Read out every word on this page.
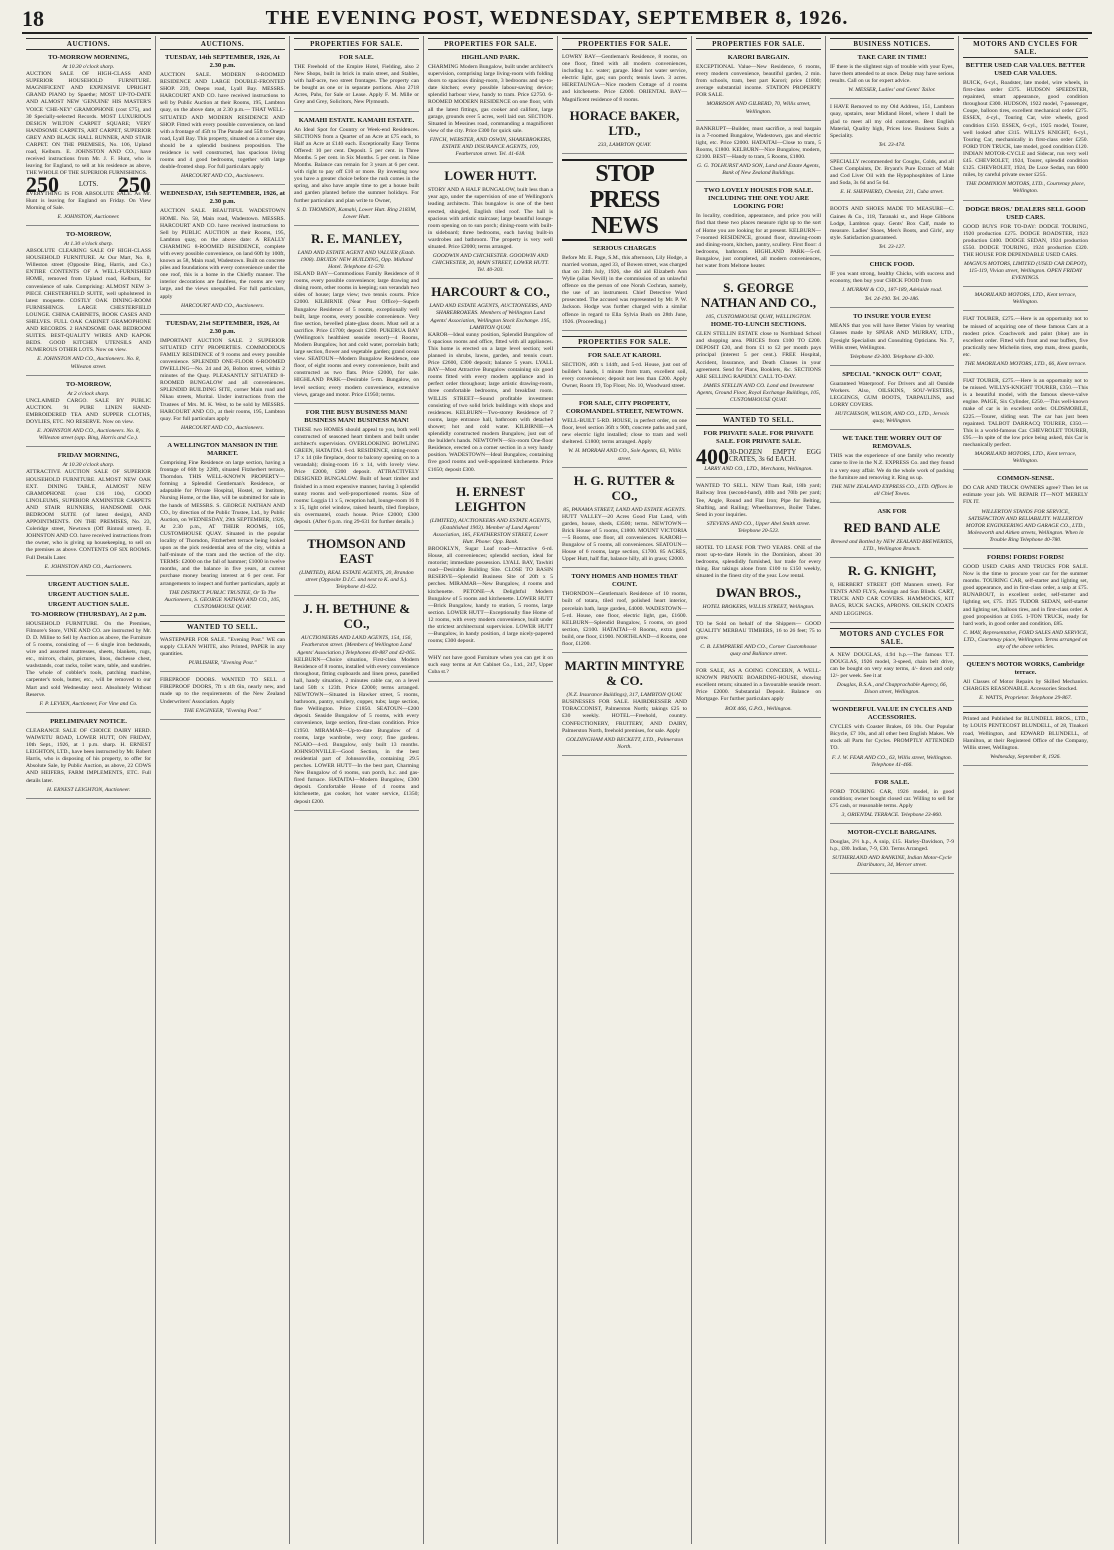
18	THE EVENING POST, WEDNESDAY, SEPTEMBER 8, 1926.
AUCTIONS.
TO-MORROW MORNING,
At 10.30 o'clock sharp.
AUCTION SALE OF HIGH-CLASS AND SUPERIOR HOUSEHOLD FURNITURE. MAGNIFICENT AND EXPENSIVE UPRIGHT GRAND PIANO by Spaethe; MOST UP-TO-DATE AND ALMOST NEW 'GENUINE' HIS MASTER'S VOICE 'CHE-NEY' GRAMOPHONE (cost £75), and 30 Specially-selected Records. MOST LUXURIOUS DESIGN WILTON CARPET SQUARE; VERY HANDSOME CARPETS, ART CARPET, SUPERIOR GREY AND BLACK HALL RUNNER, AND STAIR CARPET. ON THE PREMISES, No. 106, Upland road, Kelburn. E. JOHNSTON AND CO., have received instructions from Mr. J. F. Hunt, who is leaving for England, to sell at his residence as above, THE WHOLE OF THE SUPERIOR FURNISHINGS.
250	LOTS. 250
EVERYTHING IS FOR ABSOLUTE SALE. As Mr. Hunt is leaving for England on Friday. On View Morning of Sale.
E. JOHNSTON, Auctioneer.
TO-MORROW,
At 1.30 o'clock sharp.
ABSOLUTE CLEARING SALE OF HIGH-CLASS HOUSEHOLD FURNITURE. At Our Mart, No. 8, Willeston street (Opposite Bing, Harris, and Co.) ENTIRE CONTENTS OF A WELL-FURNISHED HOME, removed from Upland road, Kelburn, for convenience of sale. Comprising: ALMOST NEW 3-PIECE CHESTERFIELD SUITE, well upholstered in latest moquette. COSTLY OAK DINING-ROOM FURNISHINGS. LARGE CHESTERFIELD LOUNGE. CHINA CABINETS, BOOK CASES AND SHELVES. FULL OAK CABINET GRAMOPHONE AND RECORDS. 2 HANDSOME OAK BEDROOM SUITES. BEST-QUALITY WIRES AND KAPOK BEDS. GOOD KITCHEN UTENSILS AND NUMEROUS OTHER LOTS. Now on view.
E. JOHNSTON AND CO., Auctioneers. No. 8, Willeston street.
TO-MORROW,
At 2 o'clock sharp.
UNCLAIMED CARGO. SALE BY PUBLIC AUCTION. 91 PURE LINEN HAND-EMBROIDERED TEA AND SUPPER CLOTHS, DOYLIES, ETC. NO RESERVE. Now on view.
E. JOHNSTON AND CO., Auctioneers. No. 8, Willeston street (opp. Bing, Harris and Co.).
FRIDAY MORNING,
At 10.30 o'clock sharp.
ATTRACTIVE AUCTION SALE OF SUPERIOR HOUSEHOLD FURNITURE. ALMOST NEW OAK EXT. DINING TABLE, ALMOST NEW GRAMOPHONE (cost £16 10s), GOOD LINOLEUMS, SUPERIOR AXMINSTER CARPETS AND STAIR RUNNERS, HANDSOME OAK BEDROOM SUITE (of latest design), AND APPOINTMENTS. ON THE PREMISES, No. 23, Coleridge street, Newtown (Off Rintoul street). E. JOHNSTON AND CO. have received instructions from the owner, who is giving up housekeeping, to sell on the premises as above. CONTENTS OF SIX ROOMS. Full Details Later.
E. JOHNSTON AND CO., Auctioneers.
URGENT AUCTION SALE.
URGENT AUCTION SALE.
URGENT AUCTION SALE.
TO-MORROW (THURSDAY), At 2 p.m.
HOUSEHOLD FURNITURE. On the Premises, Filmore's Store, VINE AND CO. are instructed by Mr. D. D. Miline to Sell by Auction as above, the Furniture of 5 rooms, consisting of — 6 single iron bedsteads, wire and assorted mattresses, sheets, blankets, rugs, etc., mirrors, chairs, pictures, linos, duchesse chest, washstands, coat racks, toilet ware, table, and sundries. The whole of cobbler's tools, patching machine, carpenter's tools, butter, etc., will be removed to our Mart and sold Wednesday next. Absolutely Without Reserve.
F. P. LEVIEN, Auctioneer, For Vine and Co.
PRELIMINARY NOTICE.
CLEARANCE SALE OF CHOICE DAIRY HERD. WAIWETU ROAD, LOWER HUTT, ON FRIDAY, 10th Sept., 1926, at 1 p.m. sharp. H. ERNEST LEIGHTON, LTD., have been instructed by Mr. Robert Harris, who is disposing of his property, to offer for Absolute Sale, by Public Auction, as above, 22 COWS AND HEIFERS, FARM IMPLEMENTS, ETC. Full details later.
H. ERNEST LEIGHTON, Auctioneer.
AUCTIONS.
TUESDAY, 14th SEPTEMBER, 1926, At 2.30 p.m.
AUCTION SALE. MODERN 8-ROOMED RESIDENCE AND LARGE DOUBLE-FRONTED SHOP. 239, Onepu road, Lyall Bay. MESSRS. HARCOURT AND CO. have received instructions to sell by Public Auction at their Rooms, 195, Lambton quay, on the above date, at 2.30 p.m.— THAT WELL-SITUATED AND MODERN RESIDENCE AND SHOP. Fitted with every possible convenience, on land with a frontage of 45ft to The Parade and 55ft to Onepu road, Lyall Bay. This property, situated on a corner site, should be a splendid business proposition. The residence is well constructed, has spacious living rooms and 4 good bedrooms, together with large double-fronted shop. For full particulars apply
HARCOURT AND CO., Auctioneers.
WEDNESDAY, 15th SEPTEMBER, 1926, at 2.30 p.m.
AUCTION SALE. BEAUTIFUL WADESTOWN HOME. No. 58, Main road, Wadestown. MESSRS. HARCOURT AND CO. have received instructions to Sell by PUBLIC AUCTION at their Rooms, 195, Lambton quay, on the above date: A REALLY CHARMING 8-ROOMED RESIDENCE, complete with every possible convenience, on land 60ft by 100ft, known as 58, Main road, Wadestown. Built on concrete piles and foundations with every convenience under the one roof, this is a home in the Chiefly manner. The interior decorations are faultless, the rooms are very large, and the views unequalled. For full particulars, apply
HARCOURT AND CO., Auctioneers.
TUESDAY, 21st SEPTEMBER, 1926, At 2.30 p.m.
IMPORTANT AUCTION SALE. 2 SUPERIOR SITUATED CITY PROPERTIES. COMMODIOUS FAMILY RESIDENCE of 9 rooms and every possible convenience. SPLENDID ONE-FLOOR 6-ROOMED DWELLING—No. 24 and 26, Bolton street, within 2 minutes of the Quay. PLEASANTLY SITUATED 8-ROOMED BUNGALOW and all conveniences. SPLENDID BUILDING SITE, corner Main road and Nikau streets, Muritai. Under instructions from the Trustees of Mrs. M. K. West, to be sold by MESSRS. HARCOURT AND CO., at their rooms, 195, Lambton quay. For full particulars apply
HARCOURT AND CO., Auctioneers.
A WELLINGTON MANSION IN THE MARKET.
Comprising Fine Residence on large section, having a frontage of 66ft by 228ft, situated Fitzherbert terrace, Thorndon. THIS WELL-KNOWN PROPERTY—forming a Splendid Gentleman's Residence, or adaptable for Private Hospital, Hostel, or Institute, Nursing Home, or the like, will be submitted for sale in the hands of MESSRS. S. GEORGE NATHAN AND CO., by direction of the Public Trustee, Ltd., by Public Auction, on WEDNESDAY, 29th SEPTEMBER, 1926, At 2.30 p.m., AT THEIR ROOMS, 105, CUSTOMHOUSE QUAY. Situated in the popular locality of Thorndon, Fitzherbert terrace being looked upon as the pick residential area of the city, within a half-minute of the tram and the section of the city. TERMS: £2000 on the fall of hammer; £1000 in twelve months, and the balance in five years, at current purchase money bearing interest at 6 per cent. For arrangements to inspect and further particulars, apply at
THE DISTRICT PUBLIC TRUSTEE, Or To The Auctioneers, S. GEORGE NATHAN AND CO., 105, CUSTOMHOUSE QUAY.
WANTED TO SELL.
WASTEPAPER FOR SALE. "Evening Post." WE can supply CLEAN WHITE, also Printed, PAPER in any quantities.
PUBLISHER, "Evening Post."
FIREPROOF DOORS. WANTED TO SELL 4 FIREPROOF DOORS, 7ft x 4ft 6in, nearly new, and made up to the requirements of the New Zealand Underwriters' Association. Apply
THE ENGINEER, "Evening Post."
PROPERTIES FOR SALE.
FOR SALE.
THE Freehold of the Empire Hotel, Fielding, also 2 New Shops, built in brick in main street, and Stables, with half-acre, two street frontages. The property can be bought as one or in separate portions. Also 2718 Acres, Pahs, for Sale or Lease. Apply F. M. Mille or Grey and Grey, Solicitors, New Plymouth.
KAMAHI ESTATE. KAMAHI ESTATE.
An Ideal Spot for Country or Week-end Residences. SECTIONS from a Quarter of an Acre at £75 each, to Half an Acre at £140 each. Exceptionally Easy Terms Offered: 10 per cent. Deposit. 5 per cent. in Three Months. 5 per cent. in Six Months. 5 per cent. in Nine Months. Balance can remain for 3 years at 6 per cent. with right to pay off £10 or more. By investing now you have a greater choice before the rush comes in the spring, and also have ample time to get a house built and garden planted before the summer holidays. For further particulars and plan write to Owner,
S. D. THOMSON, Kamahi, Lower Hutt. Ring 2183M, Lower Hutt.
R. E. MANLEY,
LAND AND ESTATE AGENT AND VALUER (Estab. 1908). DRUIDS' NEW BUILDING, Opp. Midland Hotel. Telephone 41-570.
ISLAND BAY—Commodious Family Residence of 8 rooms, every possible convenience; large drawing and dining room, other rooms in keeping; sun verandah two sides of house; large view; two tennis courts. Price £2000. KILBIRNIE (Near Post Office)—Superb Bungalow Residence of 5 rooms, exceptionally well built, large rooms, every possible convenience. Very fine section, bevelled plate-glass doors. Must sell at a sacrifice. Price £1700; deposit £200. PUKERUA BAY (Wellington's healthiest seaside resort)—4 Rooms, Modern Bungalow, hot and cold water, porcelain bath; large section, flower and vegetable garden; grand ocean view. SEATOUN—Modern Bungalow Residence, one floor, of eight rooms and every convenience, built and constructed as two flats. Price £2000, for sale. HIGHLAND PARK—Desirable 5-rm. Bungalow, on level section; every modern convenience, extensive views, garage and motor. Price £1950; terms.
FOR THE BUSY BUSINESS MAN! BUSINESS MAN! BUSINESS MAN!
THESE two HOMES should appeal to you, both well constructed of seasoned heart timbers and built under architect's supervision. OVERLOOKING BOWLING GREEN, HATAITAI. 6-rd. RESIDENCE, sitting-room 17 x 14 (tile fireplace, door to balcony opening on to a verandah); dining-room 16 x 14, with lovely view. Price £2000, £200 deposit. ATTRACTIVELY DESIGNED BUNGALOW. Built of heart timber and finished in a most expensive manner, having 3 splendid sunny rooms and well-proportioned rooms. Size of rooms: Loggia 11 x 5, reception hall, lounge-room 16 ft x 15, light oriel window, raised hearth, tiled fireplace, six overmantel, coach house. Price £2000; £300 deposit. (After 6 p.m. ring 29-631 for further details.)
THOMSON AND EAST
(LIMITED), REAL ESTATE AGENTS, 20, Brandon street (Opposite D.I.C. and next to K. and S.). Telephone 41-622.
J. H. BETHUNE & CO.,
AUCTIONEERS AND LAND AGENTS, 154, 156, Featherston street. (Members of Wellington Land Agents' Association.) Telephones 40-887 and 42-065.
KELBURN—Choice situation, First-class Modern Residence of 8 rooms, installed with every convenience throughout, fitting cupboards and linen press, panelled hall, handy situation, 2 minutes cable car, on a level land 50ft x 123ft. Price £2000; terms arranged. NEWTOWN—Situated in Hawker street, 5 rooms, bathroom, pantry, scullery, copper, tubs; large section, fine Wellington. Price £1850. SEATOUN—£200 deposit. Seaside Bungalow of 5 rooms, with every convenience, large section, first-class condition. Price £1950. MIRAMAR—Up-to-date Bungalow of 4 rooms, large wardrobe, very cosy; fine gardens. NGAIO—4-rd. Bungalow, only built 13 months. JOHNSONVILLE—Good Section, in the best residential part of Johnsonville, containing 29.5 perches. LOWER HUTT—In the best part, Charming New Bungalow of 6 rooms, sun porch, h.c. and gas-fired furnace. HATAITAI—Modern Bungalow, £300 deposit. Comfortable House of 4 rooms and kitchenette, gas cooker, hot water service, £1350; deposit £200.
PROPERTIES FOR SALE.
HIGHLAND PARK.
CHARMING Modern Bungalow, built under architect's supervision, comprising large living-room with folding doors to spacious dining-room, 3 bedrooms and up-to-date kitchen; every possible labour-saving device; splendid harbour view, handy to tram. Price £2750. 6-ROOMED MODERN RESIDENCE on one floor, with all the latest fittings, gas cooker and califont, large garage, grounds over 5 acres, well laid out. SECTION. Situated in Messines road, commanding a magnificent view of the city. Price £300 for quick sale.
FINCH, WEBSTER, AND OSWIN, SHAREBROKERS, ESTATE AND INSURANCE AGENTS, 109, Featherston street. Tel. 41-618.
LOWER HUTT.
STORY AND A HALF BUNGALOW, built less than a year ago, under the supervision of one of Wellington's leading architects. This bungalow is one of the best erected, shingled, English tiled roof. The hall is spacious with artistic staircase; large beautiful lounge-room opening on to sun porch; dining-room with built-in sideboard; three bedrooms, each having built-in wardrobes and bathroom. The property is very well situated. Price £2000; terms arranged.
GOODWIN AND CHICHESTER. GOODWIN AND CHICHESTER, 20, MAIN STREET, LOWER HUTT. Tel. 40-303.
HARCOURT & CO.,
LAND AND ESTATE AGENTS, AUCTIONEERS, AND SHAREBROKERS. Members of Wellington Land Agents' Association, Wellington Stock Exchange. 195, LAMBTON QUAY.
KAROR—Ideal sunny position, Splendid Bungalow of 6 spacious rooms and office, fitted with all appliances. This home is erected on a large level section; well planned in shrubs, lawns, garden, and tennis court. Price £2600, £300 deposit; balance 5 years. LYALL BAY—Most Attractive Bungalow containing six good rooms fitted with every modern appliance and in perfect order throughout; large artistic drawing-room, three comfortable bedrooms, and breakfast room. WILLIS STREET—Sound profitable investment consisting of two solid brick buildings with shops and residences. KELBURN—Two-storey Residence of 7 rooms, large entrance hall, bathroom with detached shower; hot and cold water. KILBIRNIE—A splendidly constructed modern Bungalow, just out of the builder's hands. NEWTOWN—Six-room One-floor Residence, erected on a corner section in a very handy position. WADESTOWN—Ideal Bungalow, containing five good rooms and well-appointed kitchenette. Price £1650; deposit £300.
H. ERNEST LEIGHTON
(LIMITED), AUCTIONEERS AND ESTATE AGENTS, (Established 1903). Member of Land Agents' Association, 185, FEATHERSTON STREET, Lower Hutt. Phone: Opp. Bank.
BROOKLYN, Sugar Loaf road—Attractive 6-rd. House, all conveniences; splendid section, ideal for motorist; immediate possession. LYALL BAY, Tawhiti road—Desirable Building Site. CLOSE TO BASIN RESERVE—Splendid Business Site of 20ft x 5 perches. MIRAMAR—New Bungalow, 4 rooms and kitchenette. PETONE—A Delightful Modern Bungalow of 5 rooms and kitchenette. LOWER HUTT—Brick Bungalow, handy to station, 5 rooms, large section. LOWER HUTT—Exceptionally fine Home of 12 rooms, with every modern convenience, built under the strictest architectural supervision. LOWER HUTT—Bungalow, in handy position, 4 large nicely-papered rooms; £300 deposit.
WHY not have good Furniture when you can get it on such easy terms at Art Cabinet Co., Ltd., 247, Upper Cuba st.?
PROPERTIES FOR SALE.
LOWRY BAY—Gentleman's Residence, 8 rooms, on one floor, fitted with all modern conveniences, including h.c. water; garage. Ideal hot water service, electric light, gas; sun porch; tennis lawn. 3 acres. HERETAUNGA—Nice modern Cottage of 4 rooms and kitchenette. Price £2000. ORIENTAL BAY—Magnificent residence of 8 rooms.
HORACE BAKER, LTD.,
233, LAMBTON QUAY.
STOP PRESS NEWS
SERIOUS CHARGES
Before Mr. E. Page, S.M., this afternoon, Lily Hodge, a married woman, aged 33, of Bowen street, was charged that on 24th July, 1926, she did aid Elizabeth Ann Wylie (alias Nevill) in the commission of an unlawful offence on the person of one Norah Cochran, namely, the use of an instrument. Chief Detective Ward prosecuted. The accused was represented by Mr. P. W. Jackson. Hodge was further charged with a similar offence in regard to Ella Sylvia Bush on 28th June, 1926. (Proceeding.)
PROPERTIES FOR SALE.
FOR SALE AT KARORI.
SECTION, 46ft x 144ft, and 5-rd. House, just out of builder's hands, 1 minute from tram, excellent soil, every convenience; deposit not less than £200. Apply Owner, Room 19, Top Floor, No. 10, Woodward street.
FOR SALE, CITY PROPERTY, COROMANDEL STREET, NEWTOWN.
WELL-BUILT 5-RD. HOUSE, in perfect order, on one floor, level section 36ft x 90ft, concrete paths and yard, new electric light installed; close to tram and well sheltered. £1800; terms arranged. Apply
W. H. MORRAH AND CO., Sole Agents, 63, Willis street.
H. G. RUTTER & CO.,
85, PANAMA STREET, LAND AND ESTATE AGENTS.
HUTT VALLEY—20 Acres Good Flat Land, with garden, house, sheds, £3500; terms. NEWTOWN—Brick House of 5 rooms, £1800. MOUNT VICTORIA—5 Rooms, one floor, all conveniences. KARORI—Bungalow of 5 rooms, all conveniences. SEATOUN—House of 6 rooms, large section, £1700. 85 ACRES, Upper Hutt, half flat, balance hilly, all in grass; £2000.
TONY HOMES AND HOMES THAT COUNT.
THORNDON—Gentleman's Residence of 10 rooms, built of totara, tiled roof, polished heart interior, porcelain bath, large garden, £4000. WADESTOWN—5-rd. House, one floor, electric light, gas, £1600. KELBURN—Splendid Bungalow, 5 rooms, on good section, £2100. HATAITAI—8 Rooms, extra good build, one floor, £1900. NORTHLAND—4 Rooms, one floor, £1200.
MARTIN MINTYRE & CO.
(N.Z. Insurance Buildings), 317, LAMBTON QUAY.
BUSINESSES FOR SALE. HAIRDRESSER AND TOBACCONIST, Palmerston North; takings £25 to £30 weekly. HOTEL—Freehold, country. CONFECTIONERY, FRUITERY, AND DAIRY, Palmerston North, freehold premises, for sale. Apply
GOLDINGHAM AND BECKETT, LTD., Palmerston North.
PROPERTIES FOR SALE.
KARORI BARGAIN.
EXCEPTIONAL Value—New Residence, 6 rooms, every modern convenience, beautiful garden, 2 min. from schools, tram, best part Karori; price £1800; average substantial income. STATION PROPERTY FOR SALE.
MORRISON AND GILBERD, 70, Willis street, Wellington.
BANKRUPT—Builder, must sacrifice, a real bargain in a 7-roomed Bungalow, Wadestown, gas and electric light, etc. Price £2000. HATAITAI—Close to tram, 5 Rooms, £1800. KELBURN—Nice Bungalow, modern, £2100. BEST—Handy to tram, 5 Rooms, £1800.
G. G. TOLHURST AND SON, Land and Estate Agents, Bank of New Zealand Buildings.
TWO LOVELY HOUSES FOR SALE. INCLUDING THE ONE YOU ARE LOOKING FOR!
In locality, condition, appearance, and price you will find that these two places measure right up to the sort of Home you are looking for at present. KELBURN—7-roomed RESIDENCE, ground floor, drawing-room and dining-room, kitchen, pantry, scullery. First floor: 4 bedrooms, bathroom. HIGHLAND PARK—5-rd. Bungalow, just completed, all modern conveniences, hot water from Meltone heater.
S. GEORGE NATHAN AND CO.,
105, CUSTOMHOUSE QUAY, WELLINGTON.
HOME-TO-LUNCH SECTIONS.
GLEN STELLIN ESTATE close to Northland School and shopping area. PRICES from £100 TO £200. DEPOSIT £20, and from £1 to £2 per month pays principal (interest 5 per cent.). FREE Hospital, Accident, Insurance, and Death Clauses in your agreement. Send for Plans, Booklets, &c. SECTIONS ARE SELLING RAPIDLY. CALL TO-DAY.
JAMES STELLIN AND CO. Land and Investment Agents, Ground Floor, Royal Exchange Buildings, 105, CUSTOMHOUSE QUAY.
WANTED TO SELL.
FOR PRIVATE SALE. FOR PRIVATE SALE. FOR PRIVATE SALE.
400 30-DOZEN EMPTY EGG CRATES, 3s 6d EACH.
LARRY AND CO., LTD., Merchants, Wellington.
WANTED TO SELL. NEW Tram Rail, 18lb yard; Railway Iron (second-hand), 40lb and 70lb per yard; Tee, Angle, Round and Flat Iron; Pipe for Belting, Shafting, and Railing; Wheelbarrows, Boiler Tubes. Send in your inquiries.
STEVENS AND CO., Upper Abel Smith street. Telephone 20-523.
HOTEL TO LEASE FOR TWO YEARS. ONE of the most up-to-date Hotels in the Dominion, about 30 bedrooms, splendidly furnished, bar trade for every thing. Bar takings alone from £100 to £150 weekly, situated in the finest city of the year. Low rental.
DWAN BROS.,
HOTEL BROKERS, WILLIS STREET, Wellington.
TO be Sold on behalf of the Shippers— GOOD QUALITY MERBAU TIMBERS, 16 to 26 feet; 75 to grow.
C. B. LEMPRIERE AND CO., Corner Customhouse quay and Ballance street.
FOR SALE, AS A GOING CONCERN, A WELL-KNOWN PRIVATE BOARDING-HOUSE, showing excellent return; situated in a favourable seaside resort. Price £2000. Substantial Deposit. Balance on Mortgage. For further particulars apply
BOX 466, G.P.O., Wellington.
BUSINESS NOTICES.
TAKE CARE IN TIME!
IF there is the slightest sign of trouble with your Eyes, have them attended to at once. Delay may have serious results. Call on us for expert advice.
W. MESSER, Ladies' and Gents' Tailor.
I HAVE Removed to my Old Address, 151, Lambton quay, upstairs, near Midland Hotel, where I shall be glad to meet all my old customers. Best English Material, Quality high, Prices low. Business Suits a Speciality.
Tel. 23-474.
SPECIALLY recommended for Coughs, Colds, and all Chest Complaints, Dr. Bryant's Pure Extract of Malt and Cod Liver Oil with the Hypophosphites of Lime and Soda, 3s 6d and 5s 6d.
E. H. SHEPHERD, Chemist, 211, Cuba street.
BOOTS AND SHOES MADE TO MEASURE—C. Gaines & Co., 118, Taranaki st., and Hope Gibbons Lodge, Lambton quay. Gents' Box Calf, made to measure. Ladies' Shoes, Men's Boots, and Girls', any style. Satisfaction guaranteed.
Tel. 23-127.
CHICK FOOD.
IF you want strong, healthy Chicks, with success and economy, then buy your CHICK FOOD from
J. MURRAY & CO., 187-189, Adelaide road.
Tel. 24-190. Tel. 20-186.
TO INSURE YOUR EYES!
MEANS that you will have Better Vision by wearing Glasses made by SPEAR AND MURRAY, LTD., Eyesight Specialists and Consulting Opticians. No. 7, Willis street, Wellington.
Telephone 43-300. Telephone 43-300.
SPECIAL "KNOCK OUT" COAT,
Guaranteed Waterproof. For Drivers and all Outside Workers. Also, OILSKINS, SOU'-WESTERS, LEGGINGS, GUM BOOTS, TARPAULINS, and LORRY COVERS.
HUTCHESON, WILSON, AND CO., LTD., Jervois quay, Wellington.
WE TAKE THE WORRY OUT OF REMOVALS.
THIS was the experience of one family who recently came to live in the N.Z. EXPRESS Co. and they found it a very easy affair. We do the whole work of packing the furniture and removing it. Ring us up.
THE NEW ZEALAND EXPRESS CO., LTD. Offices in all Chief Towns.
ASK FOR
RED BAND ALE
Brewed and Bottled by NEW ZEALAND BREWERIES, LTD., Wellington Branch.
R. G. KNIGHT,
8, HERBERT STREET (Off Manners street). For TENTS AND FLYS, Awnings and Sun Blinds. CART, TRUCK AND CAR COVERS. HAMMOCKS, KIT BAGS, RUCK SACKS, APRONS. OILSKIN COATS AND LEGGINGS.
MOTORS AND CYCLES FOR SALE.
A NEW DOUGLAS, 4.94 h.p.—The famous T.T. DOUGLAS, 1926 model, 3-speed, chain belt drive, can be bought on very easy terms, 4/- down and only 12/- per week. See it at
Douglas, B.S.A., and Chapprachable Agency, 66, Dixon street, Wellington.
WONDERFUL VALUE IN CYCLES AND ACCESSORIES.
CYCLES with Coaster Brakes, £6 10s. Our Popular Bicycle, £7 10s, and all other best English Makes. We stock all Parts for Cycles. PROMPTLY ATTENDED TO.
F. J. W. FEAR AND CO., 63, Willis street, Wellington. Telephone 41-466.
FOR SALE.
FORD TOURING CAR, 1926 model, in good condition; owner bought closed car. Willing to sell for £75 cash, or reasonable terms. Apply
3, ORIENTAL TERRACE. Telephone 23-860.
MOTOR-CYCLE BARGAINS.
Douglas, 2½ h.p., A snip, £15. Harley-Davidson, 7-9 h.p., £80. Indian, 7-9, £30. Terms Arranged.
SUTHERLAND AND RANKINE, Indian Motor-Cycle Distributors, 34, Mercer street.
MOTORS AND CYCLES FOR SALE.
BETTER USED CAR VALUES. BETTER USED CAR VALUES.
BUICK, 6-cyl., Roadster, late model, wire wheels, in first-class order £375. HUDSON SPEEDSTER, repainted, smart appearance, good condition throughout £300. HUDSON, 1922 model, 7-passenger, Coupe, balloon tires, excellent mechanical order £275. ESSEX, 4-cyl., Touring Car, wire wheels, good condition £150. ESSEX, 6-cyl., 1925 model, Tourer, well looked after £315. WILLYS KNIGHT, 6-cyl., Touring Car, mechanically in first-class order £250. FORD TON TRUCK, late model, good condition £120. INDIAN MOTOR-CYCLE and Sidecar, run very well £45. CHEVROLET, 1924, Tourer, splendid condition £125. CHEVROLET, 1924, De Luxe Sedan, run 6000 miles, by careful private owner £255.
THE DOMINION MOTORS, LTD., Courtenay place, Wellington.
DODGE BROS.' DEALERS SELL GOOD USED CARS.
GOOD BUYS FOR TO-DAY: DODGE TOURING, 1920 production £275. DODGE ROADSTER, 1923 production £400. DODGE SEDAN, 1924 production £550. DODGE TOURING, 1924 production £320. THE HOUSE FOR DEPENDABLE USED CARS.
MAGNUS MOTORS, LIMITED (USED CAR DEPOT), 115-119, Vivian street, Wellington. OPEN FRIDAY EVENINGS.
MAORILAND MOTORS, LTD., Kent terrace, Wellington.
FIAT TOURER, £275.—Here is an opportunity not to be missed of acquiring one of these famous Cars at a modest price. Coachwork and paint (blue) are in excellent order. Fitted with front and rear buffers, five practically new Michelin tires, step mats, dress guards, etc.
THE MAORILAND MOTORS, LTD., 66, Kent terrace.
FIAT TOURER, £275.—Here is an opportunity not to be missed. WILLYS-KNIGHT TOURER, £350.—This is a beautiful model, with the famous sleeve-valve engine. PAIGE, Six Cylinder, £250.—This well-known make of car is in excellent order. OLDSMOBILE, £225.—Tourer, sliding seat. The car has just been repainted. TALBOT DARRACQ TOURER, £350.—This is a world-famous Car. CHEVROLET TOURER, £95.—In spite of the low price being asked, this Car is mechanically perfect.
MAORILAND MOTORS, LTD., Kent terrace, Wellington.
COMMON-SENSE.
DO CAR AND TRUCK OWNERS agree? Then let us estimate your job. WE REPAIR IT—NOT MERELY FIX IT.
WILLERTON STANDS FOR SERVICE, SATISFACTION AND RELIABILITY. WILLERTON MOTOR ENGINEERING AND GARAGE CO., LTD., Molesworth and Aitken streets, Wellington. When in Trouble Ring Telephone 40-780.
FORDS! FORDS! FORDS!
GOOD USED CARS AND TRUCKS FOR SALE. Now is the time to procure your car for the summer months. TOURING CAR, self-starter and lighting set, good appearance, and in first-class order, a snip at £75. RUNABOUT, in excellent order, self-starter and lighting set, £75. 1925 TUDOR SEDAN, self-starter and lighting set, balloon tires, and in first-class order. A good proposition at £165. 1-TON TRUCK, ready for hard work, in good order and condition, £85.
C. MAY, Representative, FORD SALES AND SERVICE, LTD., Courtenay place, Wellington. Terms arranged on any of the above vehicles.
QUEEN'S MOTOR WORKS, Cambridge terrace.
All Classes of Motor Repairs by Skilled Mechanics. CHARGES REASONABLE. Accessories Stocked.
E. WATTS, Proprietor. Telephone 29-867.
Printed and Published for BLUNDELL BROS., LTD., by LOUIS PENTECOST BLUNDELL, of 28, Tinakori road, Wellington, and EDWARD BLUNDELL, of Hamilton, at their Registered Office of the Company, Willis street, Wellington.
Wednesday, September 8, 1926.
